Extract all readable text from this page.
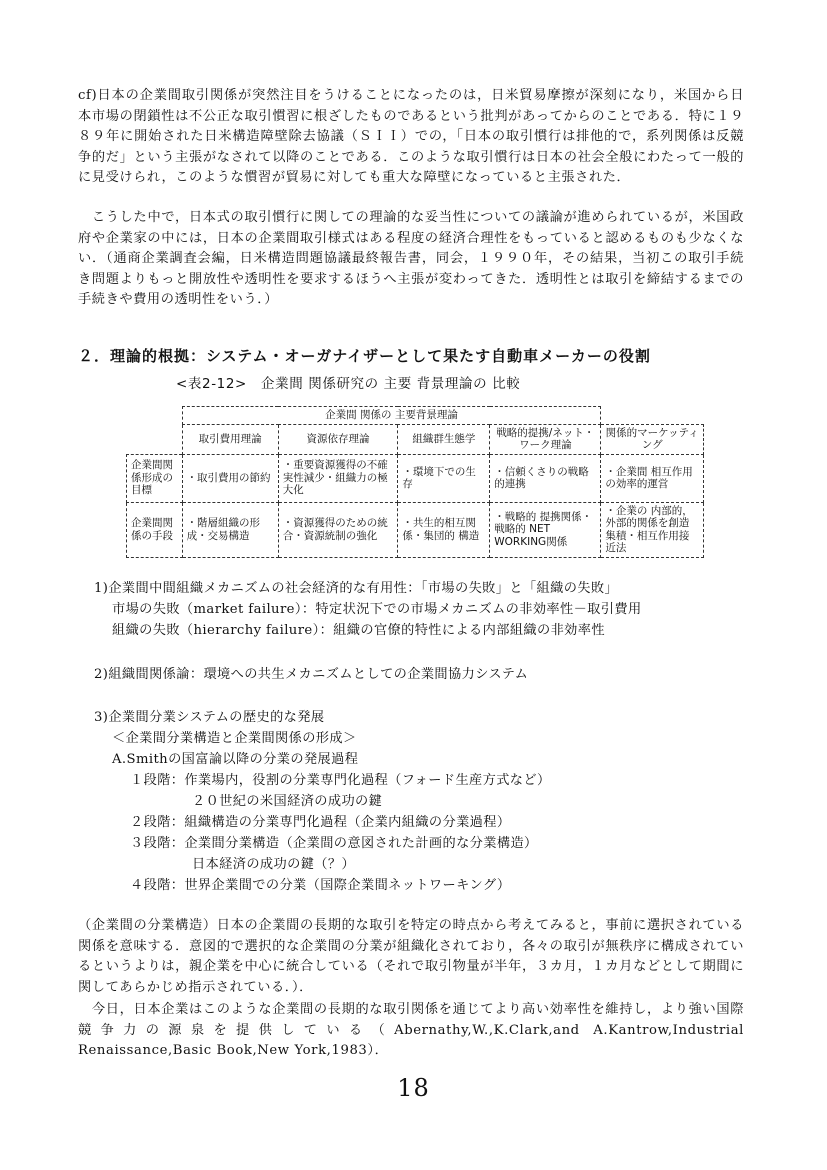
cf)日本の企業間取引関係が突然注目をうけることになったのは，日米貿易摩擦が深刻になり，米国から日本市場の閉鎖性は不公正な取引慣習に根ざしたものであるという批判があってからのことである．特に１９８９年に開始された日米構造障壁除去協議（ＳＩＩ）での，「日本の取引慣行は排他的で，系列関係は反競争的だ」という主張がなされて以降のことである．このような取引慣行は日本の社会全般にわたって一般的に見受けられ，このような慣習が貿易に対しても重大な障壁になっていると主張された．

　こうした中で，日本式の取引慣行に関しての理論的な妥当性についての議論が進められているが，米国政府や企業家の中には，日本の企業間取引様式はある程度の経済合理性をもっていると認めるものも少なくない．（通商企業調査会編，日米構造問題協議最終報告書，同会，１９９０年，その結果，当初この取引手続き問題よりもっと開放性や透明性を要求するほうへ主張が変わってきた．透明性とは取引を締結するまでの手続きや費用の透明性をいう．）

２．理論的根拠：システム・オーガナイザーとして果たす自動車メーカーの役割

<表2-12>　企業間 関係研究の 主要 背景理論の 比較

	企業間 関係の 主要背景理論				
	取引費用理論	資源依存理論	組織群生態学	戦略的提携/ネット・ワーク理論	関係的マーケッティング
企業間関係形成の目標	・取引費用の節約	・重要資源獲得の不確実性減少・組織力の極大化	・環境下での生存	・信頼くさりの戦略的連携	・企業間 相互作用の効率的運営
企業間関係の手段	・階層組織の形成・交易構造	・資源獲得のための統合・資源統制の強化	・共生的相互関係・集団的 構造	・戦略的 提携関係・戦略的 NET WORKING関係	・企業の 内部的，外部的関係を創造 集積・相互作用接近法

1)企業間中間組織メカニズムの社会経済的な有用性：「市場の失敗」と「組織の失敗」

市場の失敗（market failure）：特定状況下での市場メカニズムの非効率性－取引費用

組織の失敗（hierarchy failure）：組織の官僚的特性による内部組織の非効率性

2)組織間関係論：環境への共生メカニズムとしての企業間協力システム

3)企業間分業システムの歴史的な発展

＜企業間分業構造と企業間関係の形成＞

A.Smithの国富論以降の分業の発展過程

１段階：作業場内，役割の分業専門化過程（フォード生産方式など）

２０世紀の米国経済の成功の鍵

２段階：組織構造の分業専門化過程（企業内組織の分業過程）

３段階：企業間分業構造（企業間の意図された計画的な分業構造）

日本経済の成功の鍵（？）

４段階：世界企業間での分業（国際企業間ネットワーキング）

（企業間の分業構造）日本の企業間の長期的な取引を特定の時点から考えてみると，事前に選択されている関係を意味する．意図的で選択的な企業間の分業が組織化されており，各々の取引が無秩序に構成されているというよりは，親企業を中心に統合している（それで取引物量が半年，３カ月，１カ月などとして期間に関してあらかじめ指示されている．）．

　今日，日本企業はこのような企業間の長期的な取引関係を通じてより高い効率性を維持し，より強い国際競争力の源泉を提供している（Abernathy,W.,K.Clark,and A.Kantrow,Industrial Renaissance,Basic Book,New York,1983）．

18
